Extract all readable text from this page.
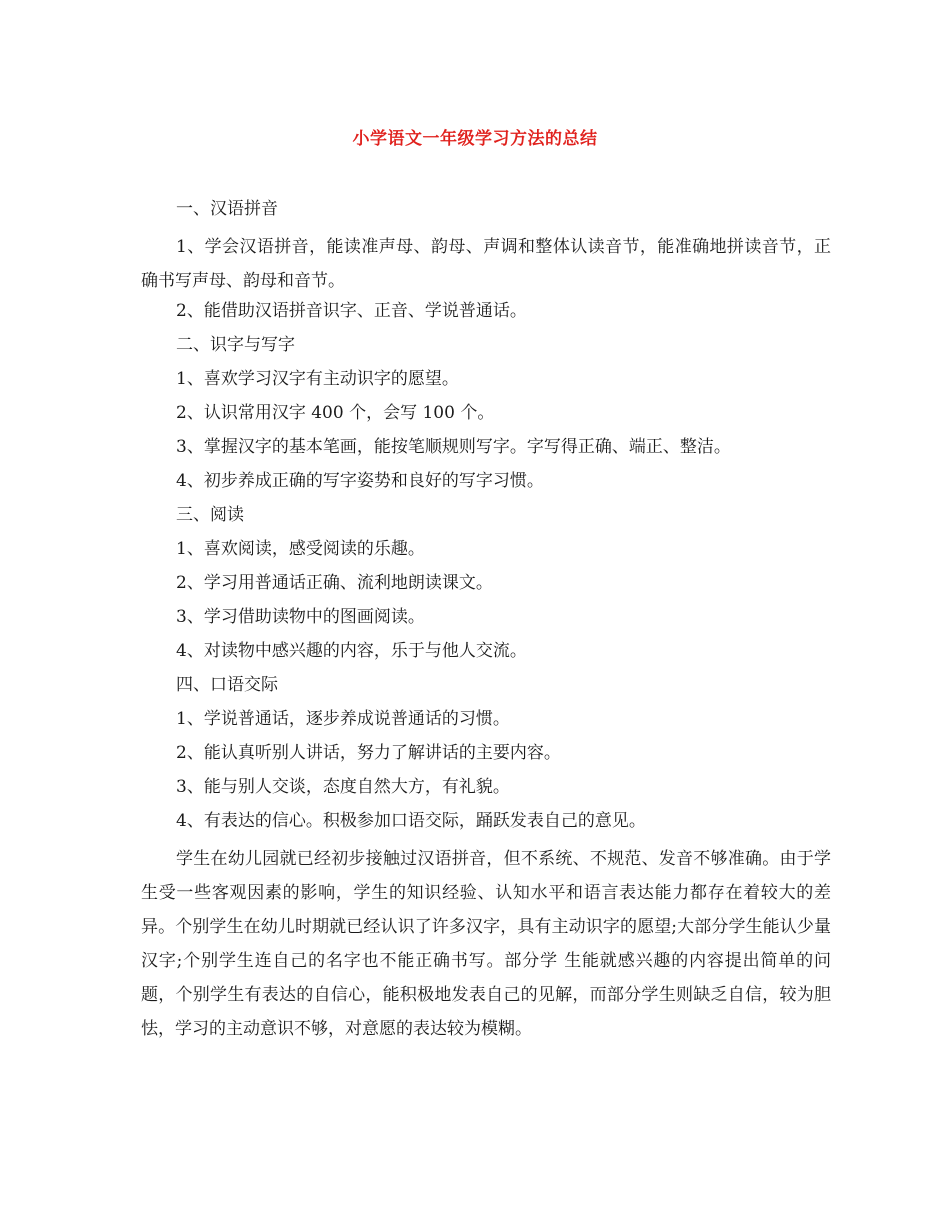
小学语文一年级学习方法的总结
一、汉语拼音
1、学会汉语拼音，能读准声母、韵母、声调和整体认读音节，能准确地拼读音节，正确书写声母、韵母和音节。
2、能借助汉语拼音识字、正音、学说普通话。
二、识字与写字
1、喜欢学习汉字有主动识字的愿望。
2、认识常用汉字 400 个，会写 100 个。
3、掌握汉字的基本笔画，能按笔顺规则写字。字写得正确、端正、整洁。
4、初步养成正确的写字姿势和良好的写字习惯。
三、阅读
1、喜欢阅读，感受阅读的乐趣。
2、学习用普通话正确、流利地朗读课文。
3、学习借助读物中的图画阅读。
4、对读物中感兴趣的内容，乐于与他人交流。
四、口语交际
1、学说普通话，逐步养成说普通话的习惯。
2、能认真听别人讲话，努力了解讲话的主要内容。
3、能与别人交谈，态度自然大方，有礼貌。
4、有表达的信心。积极参加口语交际，踊跃发表自己的意见。

学生在幼儿园就已经初步接触过汉语拼音，但不系统、不规范、发音不够准确。由于学生受一些客观因素的影响，学生的知识经验、认知水平和语言表达能力都存在着较大的差异。个别学生在幼儿时期就已经认识了许多汉字，具有主动识字的愿望;大部分学生能认少量汉字;个别学生连自己的名字也不能正确书写。部分学 生能就感兴趣的内容提出简单的问题，个别学生有表达的自信心，能积极地发表自己的见解，而部分学生则缺乏自信，较为胆怯，学习的主动意识不够，对意愿的表达较为模糊。
